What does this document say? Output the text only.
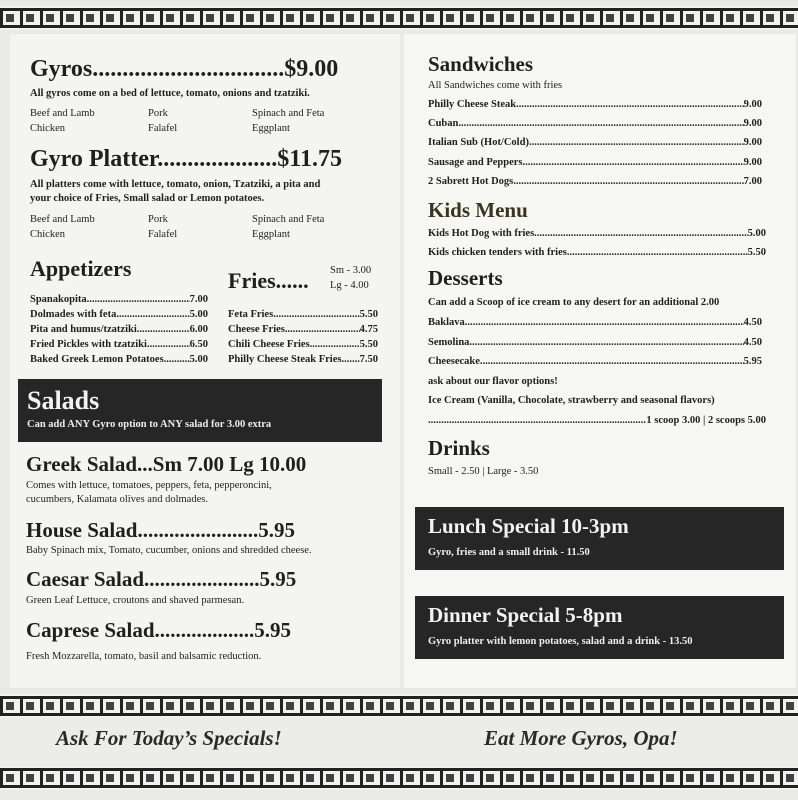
Gyros................................$9.00
All gyros come on a bed of lettuce, tomato, onions and tzatziki.
Beef and Lamb	Pork	Spinach and Feta
Chicken	Falafel	Eggplant
Gyro Platter....................$11.75
All platters come with lettuce, tomato, onion, Tzatziki, a pita and
your choice of Fries, Small salad or Lemon potatoes.
Beef and Lamb	Pork	Spinach and Feta
Chicken	Falafel	Eggplant
Appetizers
Spanakopita .....	7.00
Dolmades with feta .....	5.00
Pita and humus/tzatziki .....	6.00
Fried Pickles with tzatziki .....	6.50
Baked Greek Lemon Potatoes ..... 5.00
Fries...... Sm - 3.00
Lg - 4.00
Feta Fries .....	5.50
Cheese Fries .....	4.75
Chili Cheese Fries .....	5.50
Philly Cheese Steak Fries ..... 7.50
Salads
Can add ANY Gyro option to ANY salad for 3.00 extra
Greek Salad...Sm 7.00 Lg 10.00
Comes with lettuce, tomatoes, peppers, feta, pepperoncini,
cucumbers, Kalamata olives and dolmades.
House Salad.......................5.95
Baby Spinach mix, Tomato, cucumber, onions and shredded cheese.
Caesar Salad......................5.95
Green Leaf Lettuce, croutons and shaved parmesan.
Caprese Salad...................5.95
Fresh Mozzarella, tomato, basil and balsamic reduction.
Sandwiches
All Sandwiches come with fries
Philly Cheese Steak .....	9.00
Cuban .....	9.00
Italian Sub (Hot/Cold) .....	9.00
Sausage and Peppers .....	9.00
2 Sabrett Hot Dogs .....	7.00
Kids Menu
Kids Hot Dog with fries .....	5.00
Kids chicken tenders with fries .....	5.50
Desserts
Can add a Scoop of ice cream to any desert for an additional 2.00
Baklava .....	4.50
Semolina .....	4.50
Cheesecake .....	5.95
ask about our flavor options!
Ice Cream (Vanilla, Chocolate, strawberry and seasonal flavors)
.....
1 scoop 3.00 | 2 scoops 5.00
Drinks
Small - 2.50 | Large - 3.50
Lunch Special 10-3pm
Gyro, fries and a small drink - 11.50
Dinner Special 5-8pm
Gyro platter with lemon potatoes, salad and a drink - 13.50
Ask For Today’s Specials!	Eat More Gyros, Opa!
